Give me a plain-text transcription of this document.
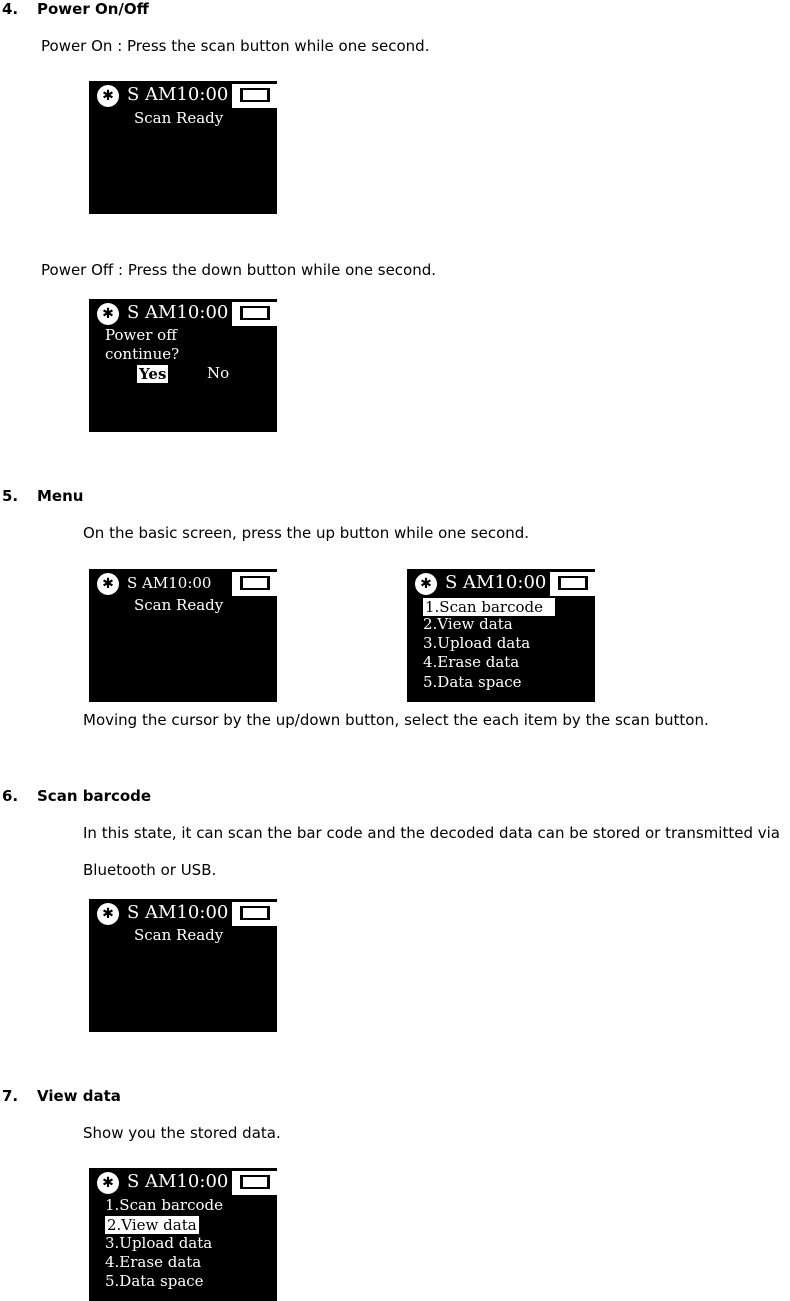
4. Power On/Off
Power On : Press the scan button while one second.
✱ S AM10:00
Scan Ready
Power Off : Press the down button while one second.
✱ S AM10:00
Power off
continue?
Yes	No
5. Menu
On the basic screen, press the up button while one second.
✱ S AM10:00
Scan Ready
✱ S AM10:00
1.Scan barcode
2.View data
3.Upload data
4.Erase data
5.Data space
Moving the cursor by the up/down button, select the each item by the scan button.
6. Scan barcode
In this state, it can scan the bar code and the decoded data can be stored or transmitted via
Bluetooth or USB.
✱ S AM10:00
Scan Ready
7. View data
Show you the stored data.
✱ S AM10:00
1.Scan barcode
2.View data
3.Upload data
4.Erase data
5.Data space
